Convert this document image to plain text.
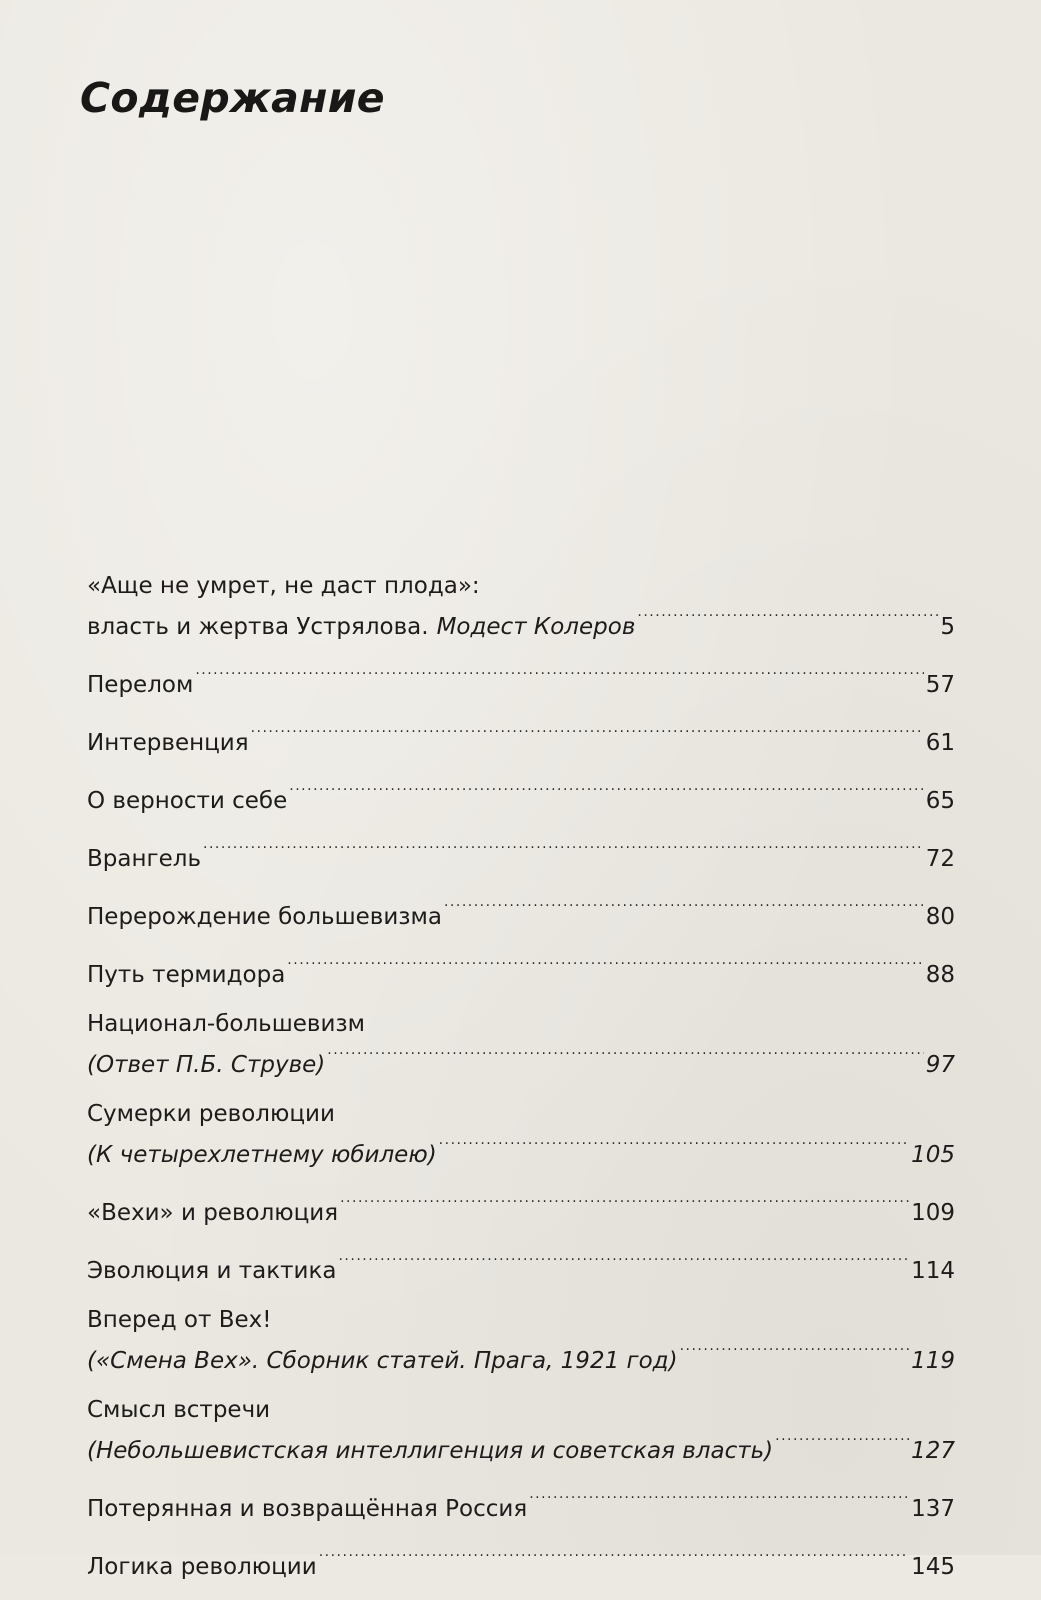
Содержание
«Аще не умрет, не даст плода»:
власть и жертва Устрялова. Модест Колеров .....	5
Перелом .....	57
Интервенция .....	61
О верности себе .....	65
Врангель .....	72
Перерождение большевизма .....	80
Путь термидора .....	88
Национал-большевизм
(Ответ П.Б. Струве) .....	97
Сумерки революции
(К четырехлетнему юбилею) .....	105
«Вехи» и революция .....	109
Эволюция и тактика .....	114
Вперед от Вех!
(«Смена Вех». Сборник статей. Прага, 1921 год) .....	119
Смысл встречи
(Небольшевистская интеллигенция и советская власть) .....	127
Потерянная и возвращённая Россия .....	137
Логика революции .....	145
